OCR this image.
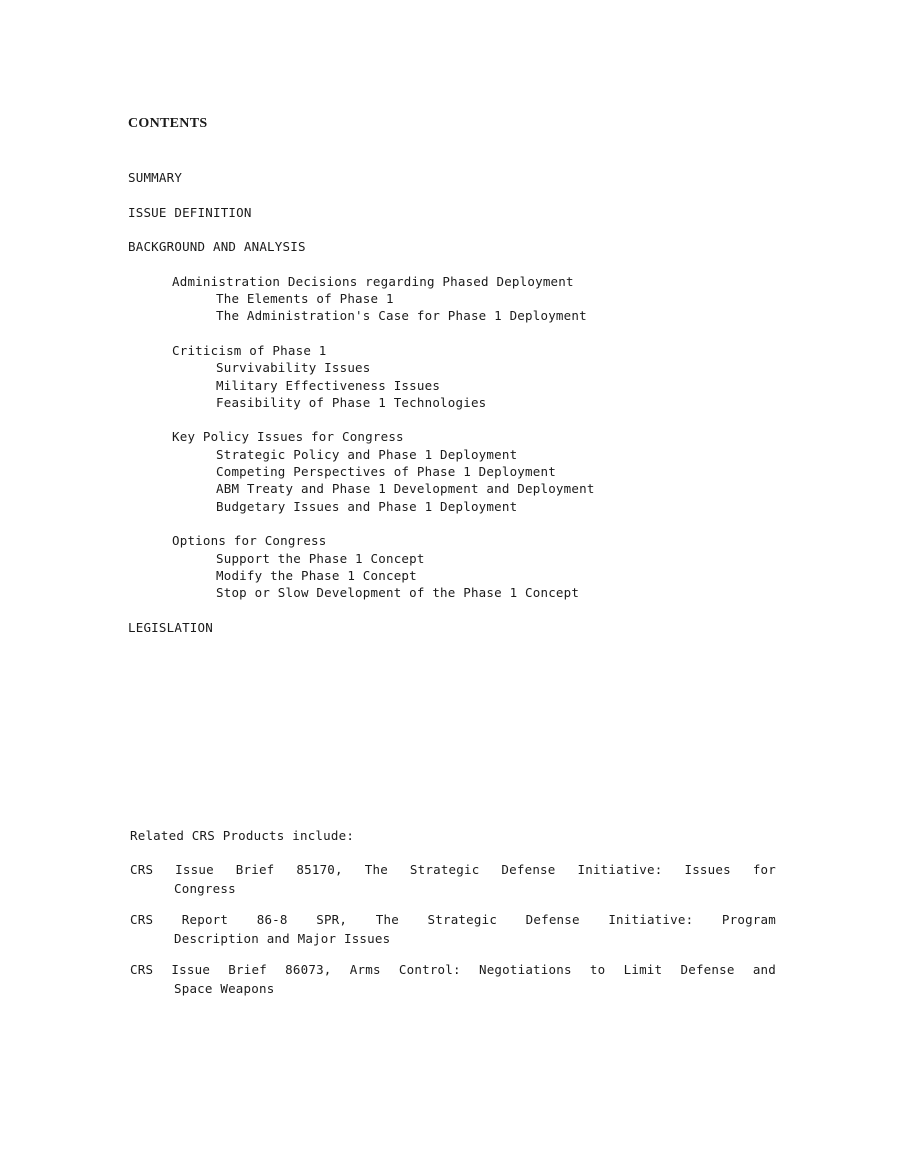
CONTENTS
SUMMARY
ISSUE DEFINITION
BACKGROUND AND ANALYSIS
Administration Decisions regarding Phased Deployment
The Elements of Phase 1
The Administration's Case for Phase 1 Deployment
Criticism of Phase 1
Survivability Issues
Military Effectiveness Issues
Feasibility of Phase 1 Technologies
Key Policy Issues for Congress
Strategic Policy and Phase 1 Deployment
Competing Perspectives of Phase 1 Deployment
ABM Treaty and Phase 1 Development and Deployment
Budgetary Issues and Phase 1 Deployment
Options for Congress
Support the Phase 1 Concept
Modify the Phase 1 Concept
Stop or Slow Development of the Phase 1 Concept
LEGISLATION
Related CRS Products include:
CRS Issue Brief 85170, The Strategic Defense Initiative: Issues for
Congress
CRS Report 86-8 SPR, The Strategic Defense Initiative: Program
Description and Major Issues
CRS Issue Brief 86073, Arms Control: Negotiations to Limit Defense and
Space Weapons
